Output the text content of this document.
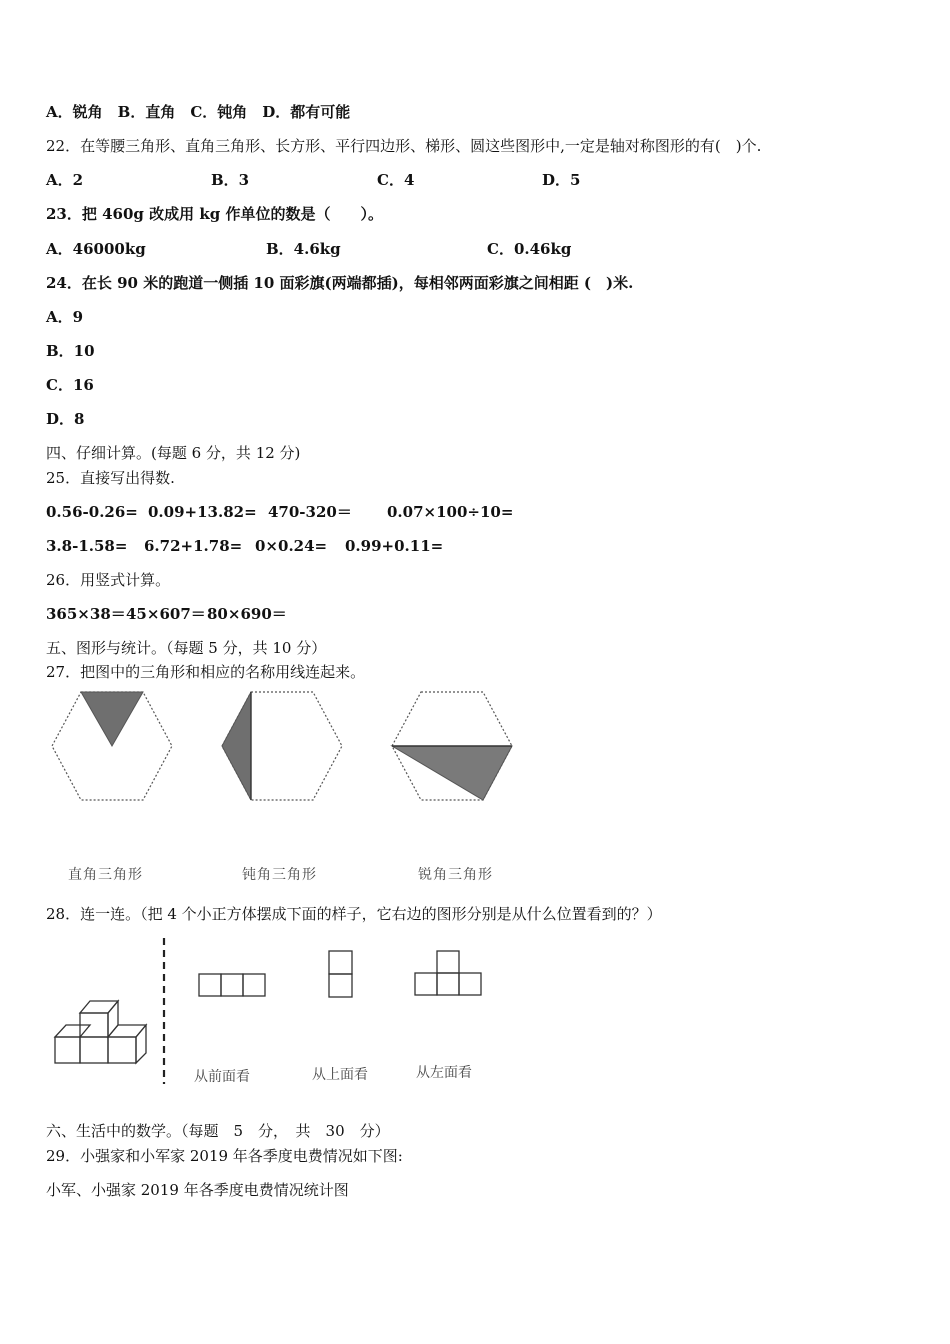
A．锐角　B．直角　C．钝角　D．都有可能
22．在等腰三角形、直角三角形、长方形、平行四边形、梯形、圆这些图形中,一定是轴对称图形的有(　)个.
A．2	B．3	C．4	D．5
23．把 460g 改成用 kg 作单位的数是（　　）。
A．46000kg	B．4.6kg	C．0.46kg
24．在长 90 米的跑道一侧插 10 面彩旗(两端都插)，每相邻两面彩旗之间相距 (　)米.
A．9
B．10
C．16
D．8
四、仔细计算。(每题 6 分，共 12 分)
25．直接写出得数.
0.56-0.26= 0.09+13.82= 470-320＝ 0.07×100÷10=
3.8-1.58= 6.72+1.78= 0×0.24= 0.99+0.11=
26．用竖式计算。
365×38＝ 45×607＝ 80×690＝
五、图形与统计。（每题 5 分，共 10 分）
27．把图中的三角形和相应的名称用线连起来。
直角三角形	钝角三角形	锐角三角形
28．连一连。（把 4 个小正方体摆成下面的样子，它右边的图形分别是从什么位置看到的？）
从前面看	从上面看	从左面看
六、生活中的数学。（每题　5　分，　共　30　分）
29．小强家和小军家 2019 年各季度电费情况如下图:
小军、小强家 2019 年各季度电费情况统计图
